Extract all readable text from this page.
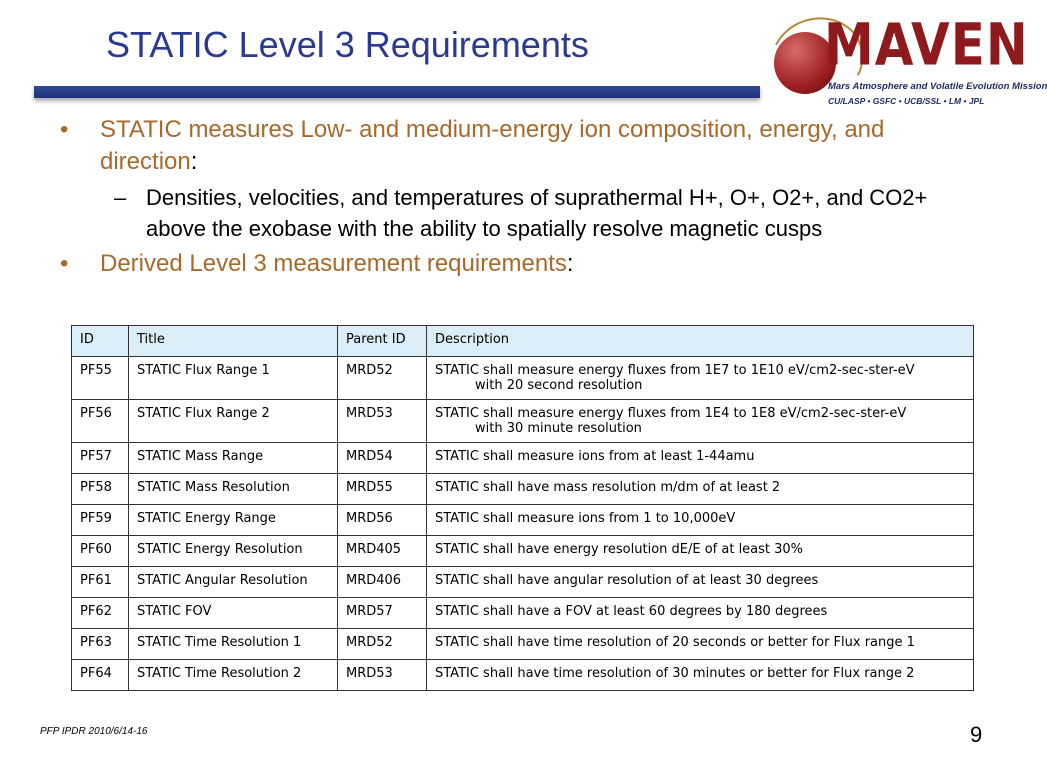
STATIC Level 3 Requirements	MAVEN
Mars Atmosphere and Volatile Evolution Mission
CU/LASP • GSFC • UCB/SSL • LM • JPL
• STATIC measures Low- and medium-energy ion composition, energy, and direction:
– Densities, velocities, and temperatures of suprathermal H+, O+, O2+, and CO2+ above the exobase with the ability to spatially resolve magnetic cusps
• Derived Level 3 measurement requirements:
ID	Title	Parent ID	Description
PF55	STATIC Flux Range 1	MRD52	STATIC shall measure energy fluxes from 1E7 to 1E10 eV/cm2-sec-ster-eV
with 20 second resolution

PF56	STATIC Flux Range 2	MRD53	STATIC shall measure energy fluxes from 1E4 to 1E8 eV/cm2-sec-ster-eV
with 30 minute resolution

PF57	STATIC Mass Range	MRD54	STATIC shall measure ions from at least 1-44amu
PF58	STATIC Mass Resolution	MRD55	STATIC shall have mass resolution m/dm of at least 2
PF59	STATIC Energy Range	MRD56	STATIC shall measure ions from 1 to 10,000eV
PF60	STATIC Energy Resolution	MRD405	STATIC shall have energy resolution dE/E of at least 30%
PF61	STATIC Angular Resolution	MRD406	STATIC shall have angular resolution of at least 30 degrees
PF62	STATIC FOV	MRD57	STATIC shall have a FOV at least 60 degrees by 180 degrees
PF63	STATIC Time Resolution 1	MRD52	STATIC shall have time resolution of 20 seconds or better for Flux range 1
PF64	STATIC Time Resolution 2	MRD53	STATIC shall have time resolution of 30 minutes or better for Flux range 2
PFP IPDR 2010/6/14-16	9
